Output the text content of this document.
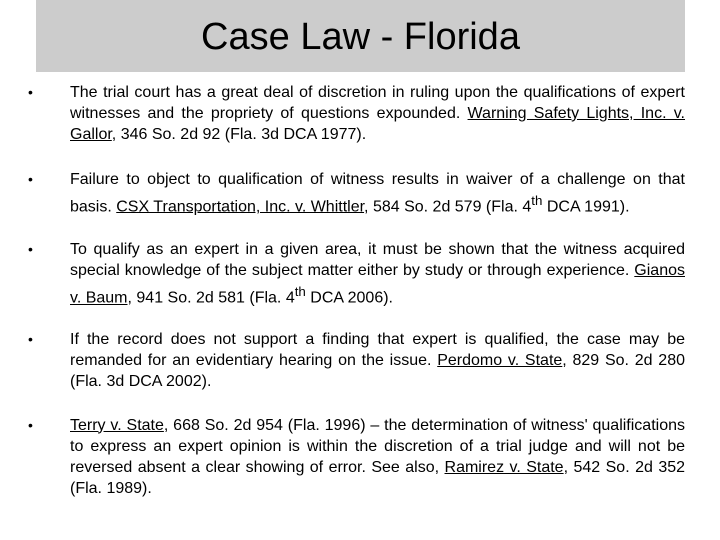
Case Law - Florida
•	The trial court has a great deal of discretion in ruling upon the qualifications of expert witnesses and the propriety of questions expounded. Warning Safety Lights, Inc. v. Gallor, 346 So. 2d 92 (Fla. 3d DCA 1977).
•	Failure to object to qualification of witness results in waiver of a challenge on that basis. CSX Transportation, Inc. v. Whittler, 584 So. 2d 579 (Fla. 4th DCA 1991).
•	To qualify as an expert in a given area, it must be shown that the witness acquired special knowledge of the subject matter either by study or through experience. Gianos v. Baum, 941 So. 2d 581 (Fla. 4th DCA 2006).
•	If the record does not support a finding that expert is qualified, the case may be remanded for an evidentiary hearing on the issue. Perdomo v. State, 829 So. 2d 280 (Fla. 3d DCA 2002).
•	Terry v. State, 668 So. 2d 954 (Fla. 1996) – the determination of witness' qualifications to express an expert opinion is within the discretion of a trial judge and will not be reversed absent a clear showing of error. See also, Ramirez v. State, 542 So. 2d 352 (Fla. 1989).
